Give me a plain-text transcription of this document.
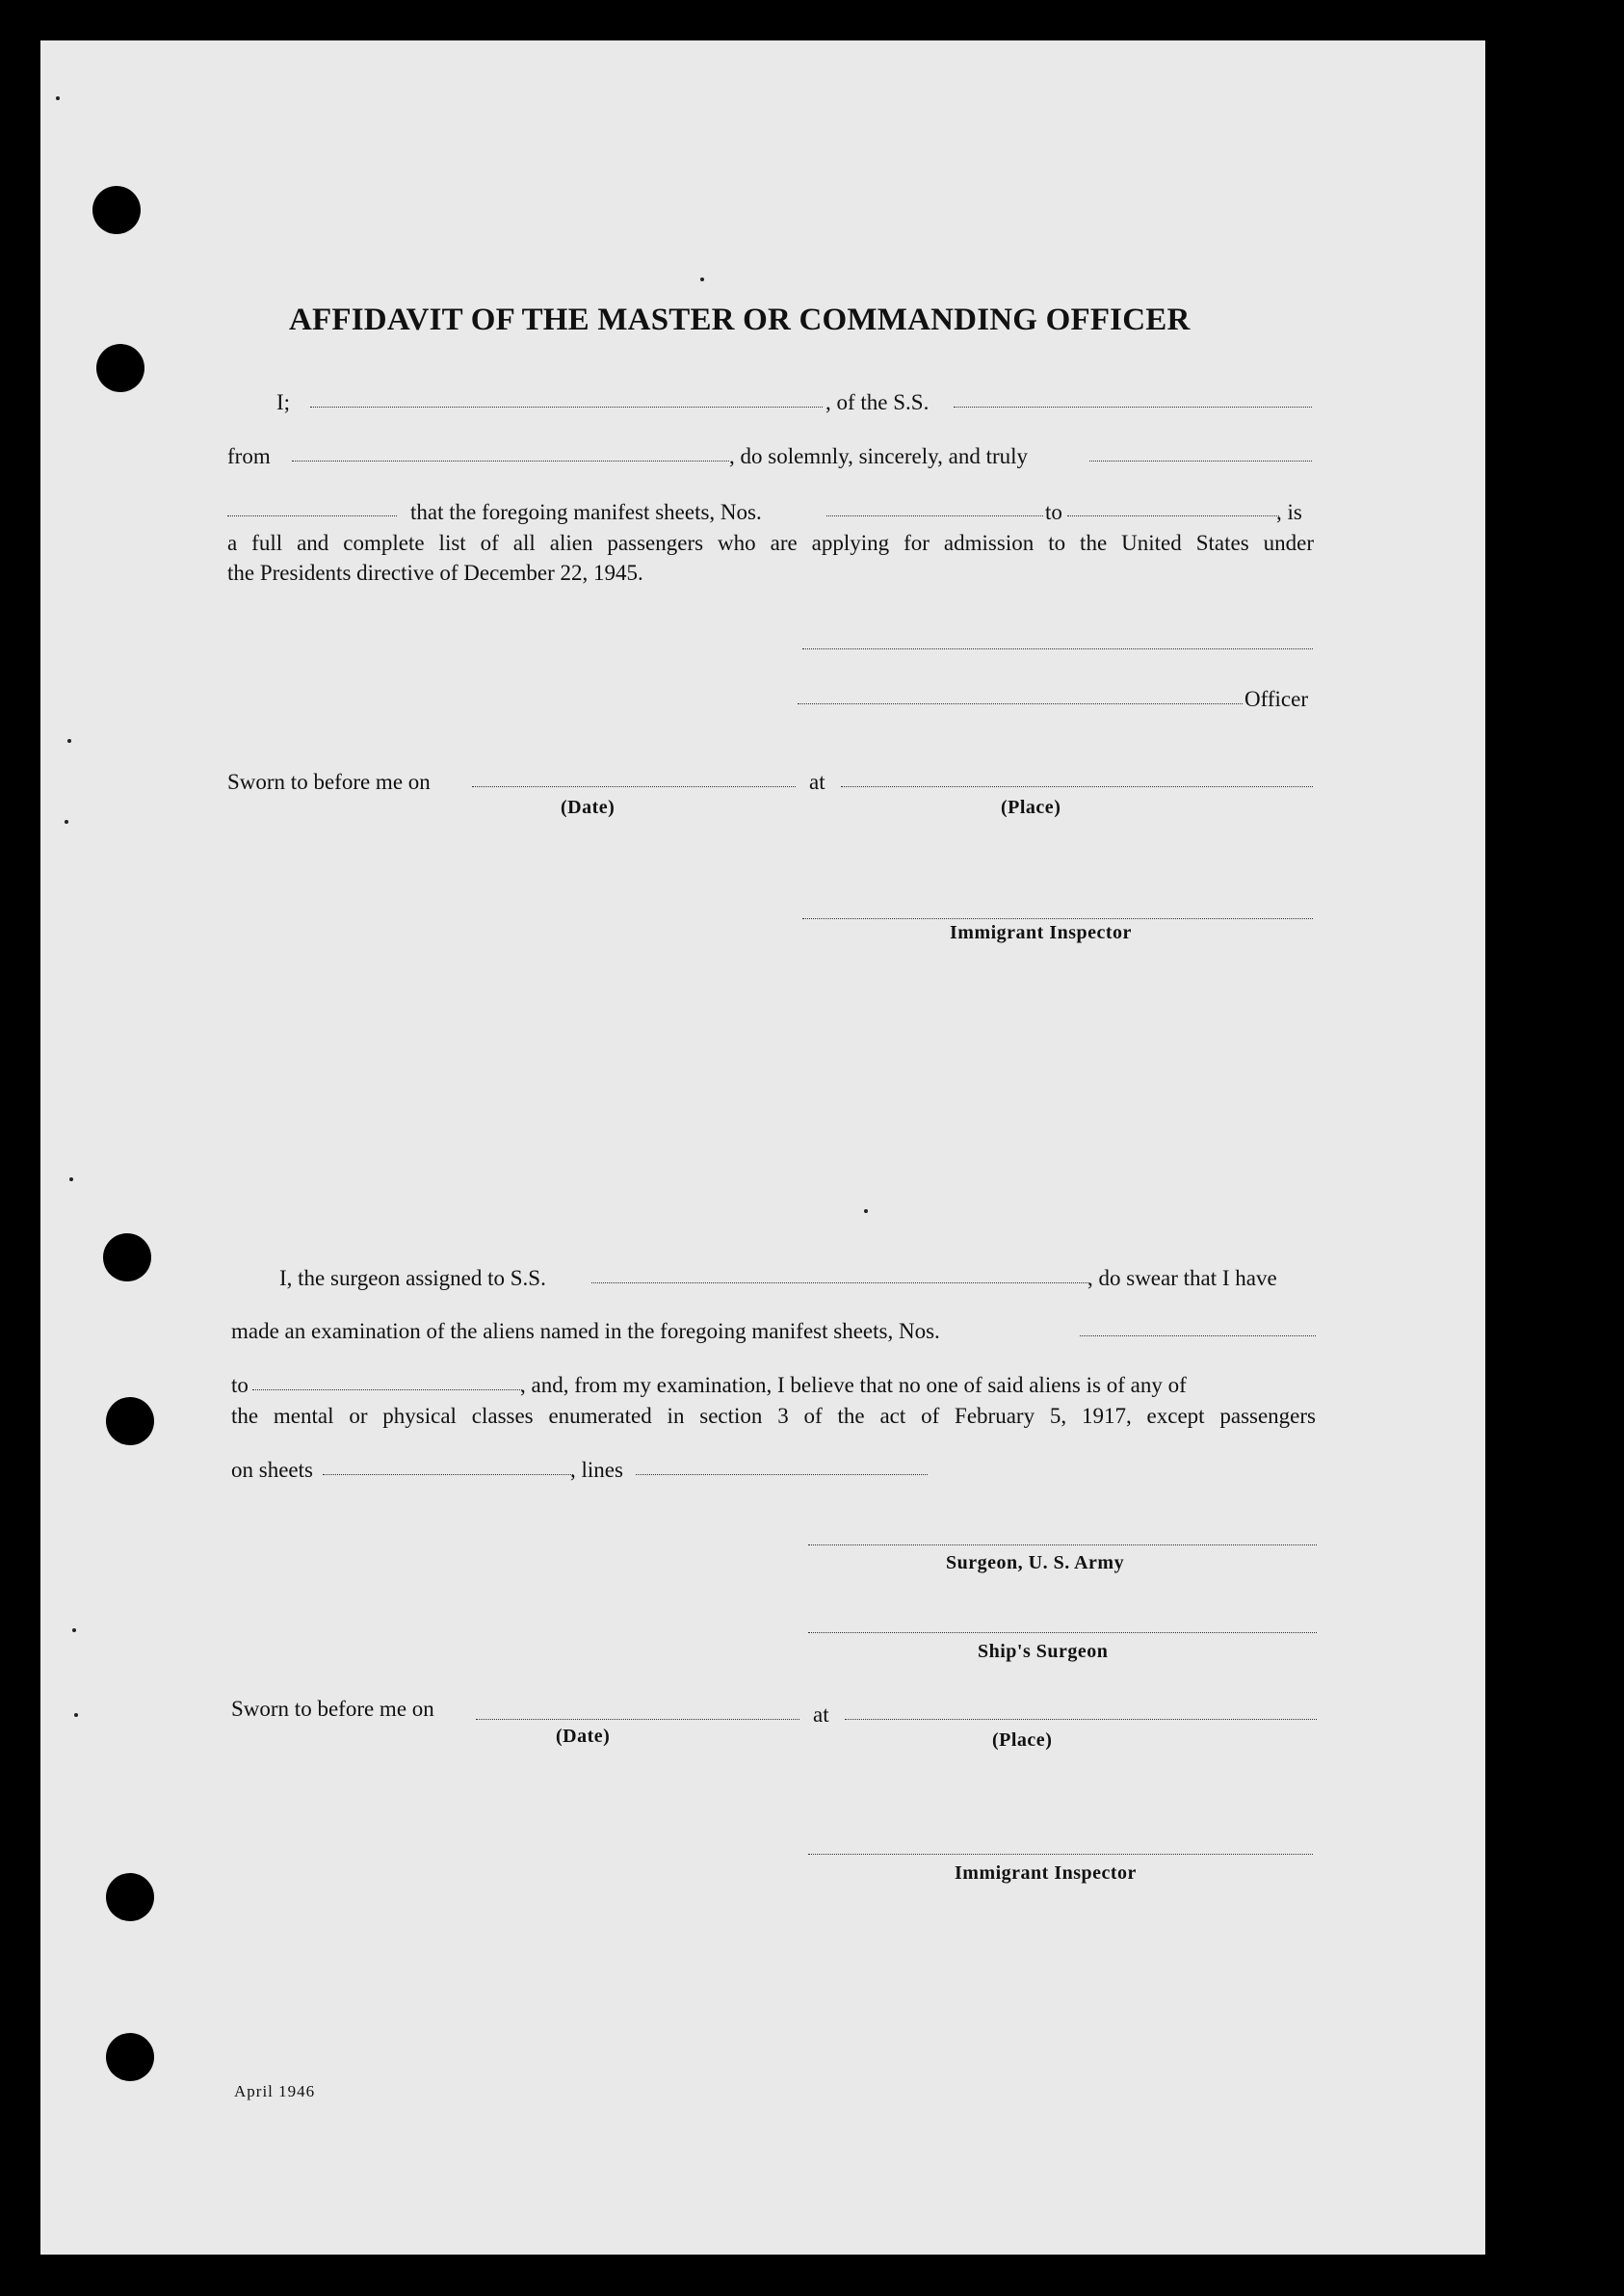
AFFIDAVIT OF THE MASTER OR COMMANDING OFFICER
I;	, of the S.S.
from	, do solemnly, sincerely, and truly
that the foregoing manifest sheets, Nos.	to	, is
a full and complete list of all alien passengers who are applying for admission to the United States under
the Presidents directive of December 22, 1945.
Officer
Sworn to before me on	at
(Date)	(Place)
Immigrant Inspector
I, the surgeon assigned to S.S.	, do swear that I have
made an examination of the aliens named in the foregoing manifest sheets, Nos.
to	, and, from my examination, I believe that no one of said aliens is of any of
the mental or physical classes enumerated in section 3 of the act of February 5, 1917, except passengers
on sheets	, lines
Surgeon, U. S. Army
Ship's Surgeon
Sworn to before me on	at
(Date)	(Place)
Immigrant Inspector
April 1946
